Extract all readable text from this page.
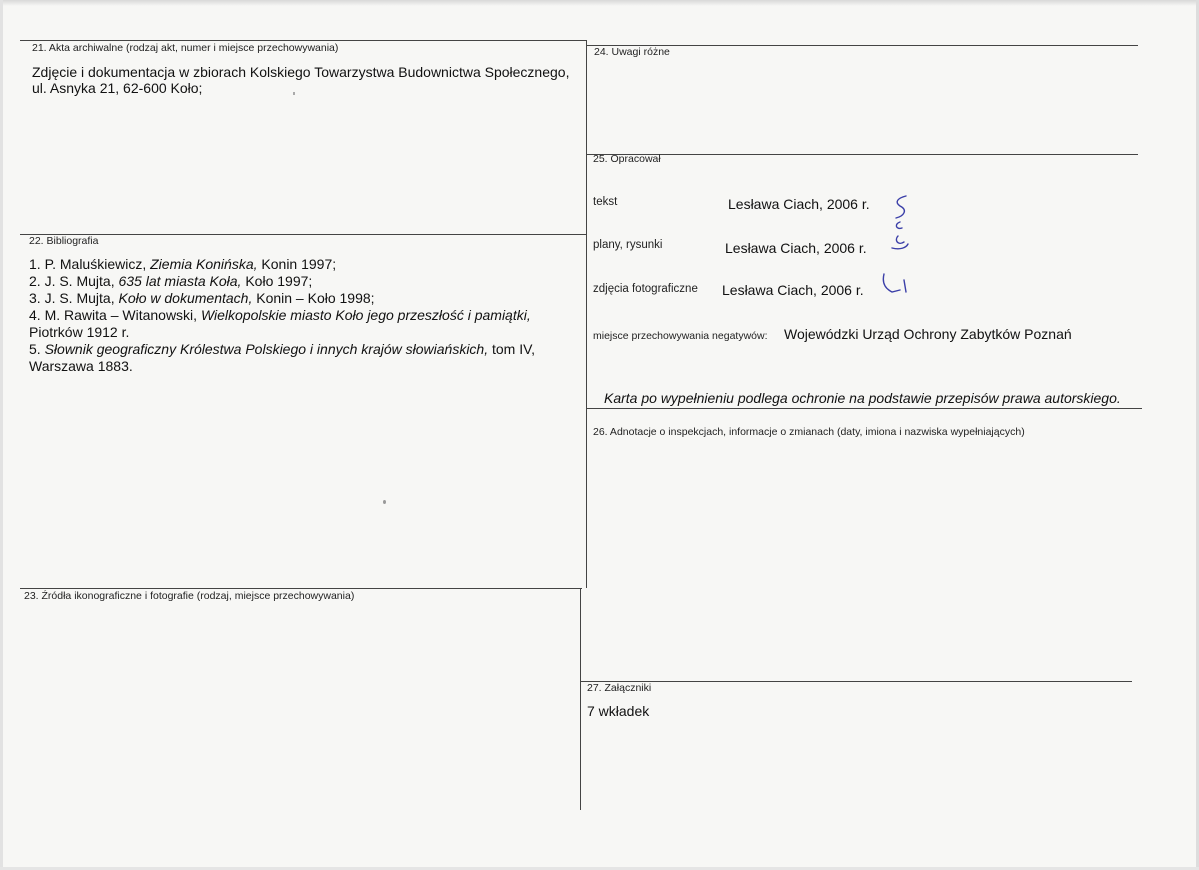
21. Akta archiwalne (rodzaj akt, numer i miejsce przechowywania)
Zdjęcie i dokumentacja w zbiorach Kolskiego Towarzystwa Budownictwa Społecznego,
ul. Asnyka 21, 62-600 Koło;
22. Bibliografia
1. P. Maluśkiewicz, Ziemia Konińska, Konin 1997;
2. J. S. Mujta, 635 lat miasta Koła, Koło 1997;
3. J. S. Mujta, Koło w dokumentach, Konin – Koło 1998;
4. M. Rawita – Witanowski, Wielkopolskie miasto Koło jego przeszłość i pamiątki,
Piotrków 1912 r.
5. Słownik geograficzny Królestwa Polskiego i innych krajów słowiańskich, tom IV,
Warszawa 1883.
23. Źródła ikonograficzne i fotografie (rodzaj, miejsce przechowywania)
24. Uwagi różne
25. Opracował
tekst	Lesława Ciach, 2006 r.
plany, rysunki	Lesława Ciach, 2006 r.
zdjęcia fotograficzne Lesława Ciach, 2006 r.
miejsce przechowywania negatywów: Wojewódzki Urząd Ochrony Zabytków Poznań
Karta po wypełnieniu podlega ochronie na podstawie przepisów prawa autorskiego.
26. Adnotacje o inspekcjach, informacje o zmianach (daty, imiona i nazwiska wypełniających)
27. Załączniki
7 wkładek
